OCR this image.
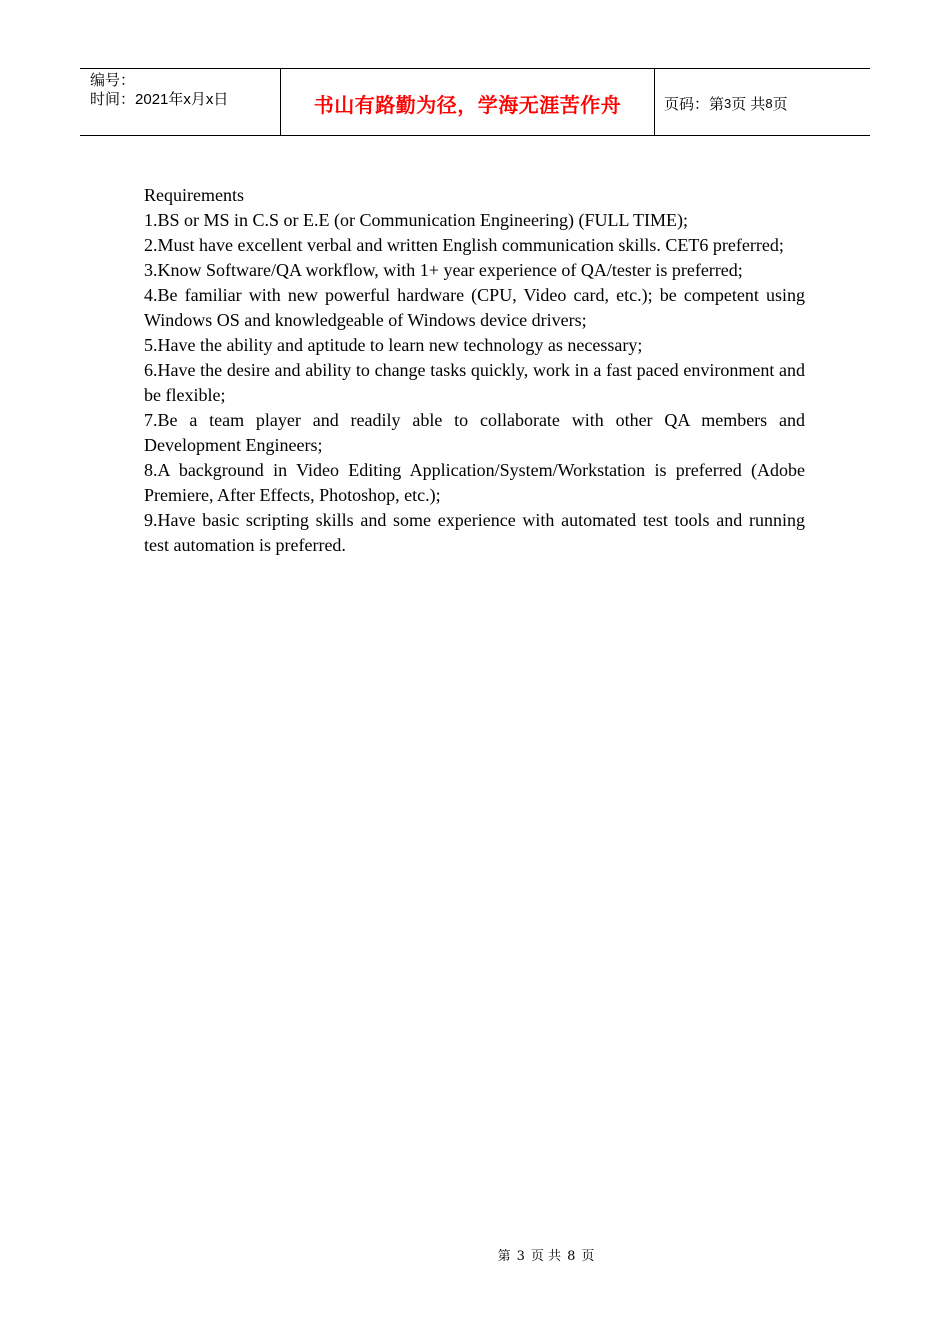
编号：
时间：2021年x月x日	书山有路勤为径，学海无涯苦作舟	页码：第 3 页 共 8 页

Requirements

1.BS or MS in C.S or E.E (or Communication Engineering) (FULL TIME);

2.Must have excellent verbal and written English communication skills. CET6 preferred;

3.Know Software/QA workflow, with 1+ year experience of QA/tester is preferred;

4.Be familiar with new powerful hardware (CPU, Video card, etc.); be competent using Windows OS and knowledgeable of Windows device drivers;

5.Have the ability and aptitude to learn new technology as necessary;

6.Have the desire and ability to change tasks quickly, work in a fast paced environment and be flexible;

7.Be a team player and readily able to collaborate with other QA members and Development Engineers;

8.A background in Video Editing Application/System/Workstation is preferred (Adobe Premiere, After Effects, Photoshop, etc.);

9.Have basic scripting skills and some experience with automated test tools and running test automation is preferred.

第 3 页 共 8 页
